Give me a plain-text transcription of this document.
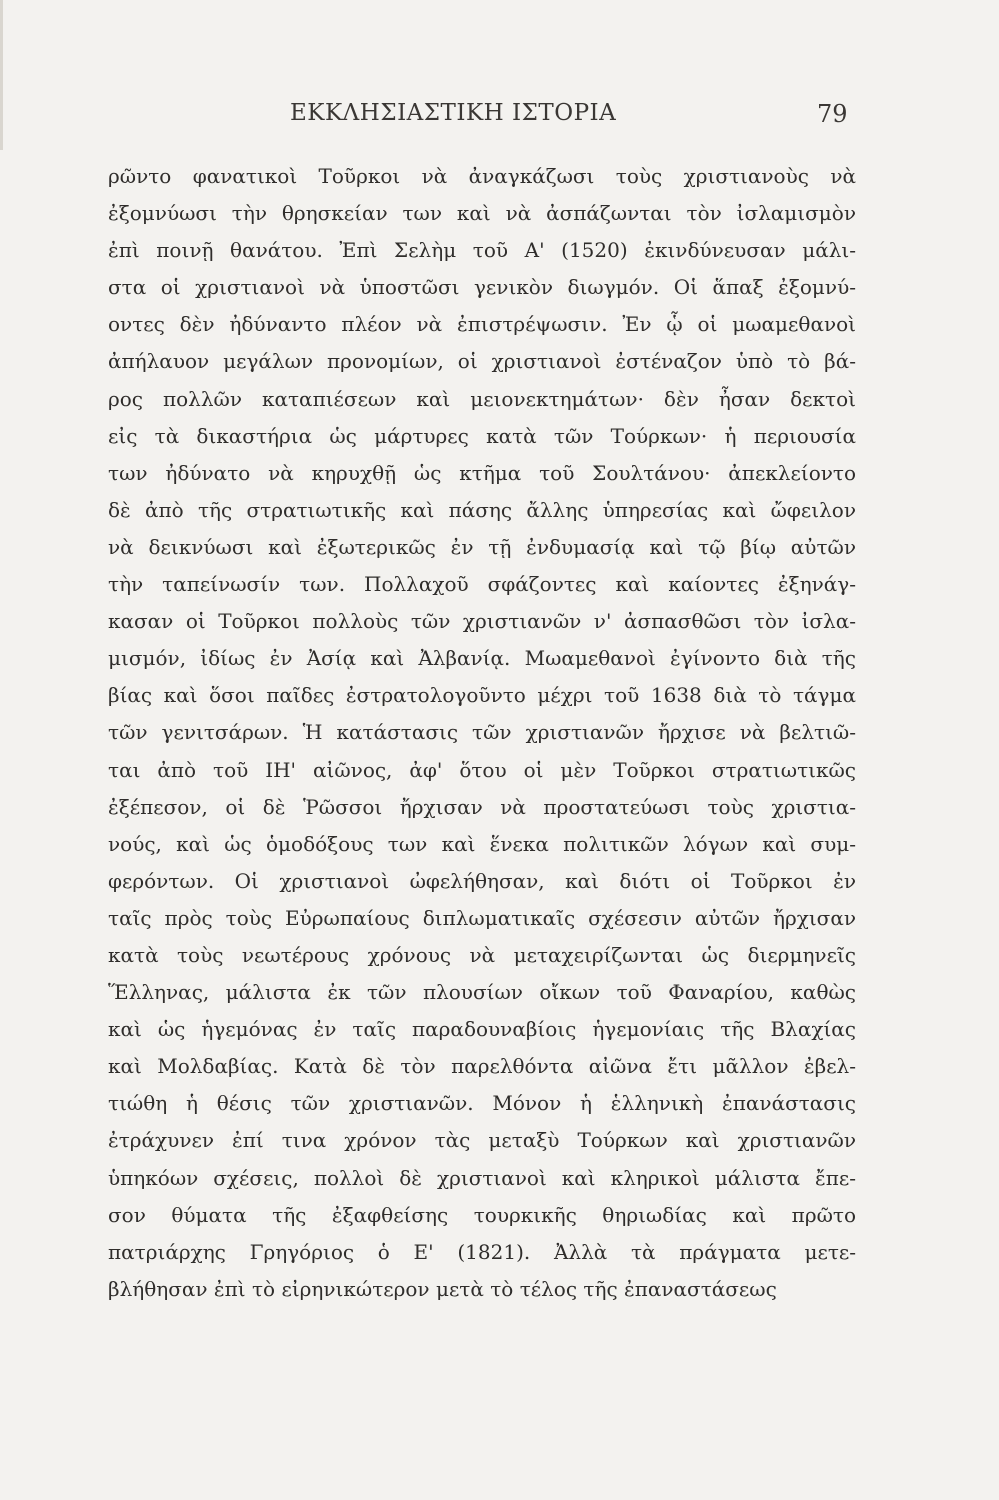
ΕΚΚΛΗΣΙΑΣΤΙΚΗ ΙΣΤΟΡΙΑ	79
ρῶντο φανατικοὶ Τοῦρκοι νὰ ἀναγκάζωσι τοὺς χριστιανοὺς νὰ
ἐξομνύωσι τὴν θρησκείαν των καὶ νὰ ἀσπάζωνται τὸν ἰσλαμισμὸν
ἐπὶ ποινῇ θανάτου. Ἐπὶ Σελὴμ τοῦ Α' (1520) ἐκινδύνευσαν μάλι-
στα οἱ χριστιανοὶ νὰ ὑποστῶσι γενικὸν διωγμόν. Οἱ ἅπαξ ἐξομνύ-
οντες δὲν ἠδύναντο πλέον νὰ ἐπιστρέψωσιν. Ἐν ᾧ οἱ μωαμεθανοὶ
ἀπήλαυον μεγάλων προνομίων, οἱ χριστιανοὶ ἐστέναζον ὑπὸ τὸ βά-
ρος πολλῶν καταπιέσεων καὶ μειονεκτημάτων· δὲν ἦσαν δεκτοὶ
εἰς τὰ δικαστήρια ὡς μάρτυρες κατὰ τῶν Τούρκων· ἡ περιουσία
των ἠδύνατο νὰ κηρυχθῇ ὡς κτῆμα τοῦ Σουλτάνου· ἀπεκλείοντο
δὲ ἀπὸ τῆς στρατιωτικῆς καὶ πάσης ἄλλης ὑπηρεσίας καὶ ὤφειλον
νὰ δεικνύωσι καὶ ἐξωτερικῶς ἐν τῇ ἐνδυμασίᾳ καὶ τῷ βίῳ αὐτῶν
τὴν ταπείνωσίν των. Πολλαχοῦ σφάζοντες καὶ καίοντες ἐξηνάγ-
κασαν οἱ Τοῦρκοι πολλοὺς τῶν χριστιανῶν ν' ἀσπασθῶσι τὸν ἰσλα-
μισμόν, ἰδίως ἐν Ἀσίᾳ καὶ Ἀλβανίᾳ. Μωαμεθανοὶ ἐγίνοντο διὰ τῆς
βίας καὶ ὅσοι παῖδες ἐστρατολογοῦντο μέχρι τοῦ 1638 διὰ τὸ τάγμα
τῶν γενιτσάρων. Ἡ κατάστασις τῶν χριστιανῶν ἤρχισε νὰ βελτιῶ-
ται ἀπὸ τοῦ ΙΗ' αἰῶνος, ἀφ' ὅτου οἱ μὲν Τοῦρκοι στρατιωτικῶς
ἐξέπεσον, οἱ δὲ Ῥῶσσοι ἤρχισαν νὰ προστατεύωσι τοὺς χριστια-
νούς, καὶ ὡς ὁμοδόξους των καὶ ἕνεκα πολιτικῶν λόγων καὶ συμ-
φερόντων. Οἱ χριστιανοὶ ὠφελήθησαν, καὶ διότι οἱ Τοῦρκοι ἐν
ταῖς πρὸς τοὺς Εὐρωπαίους διπλωματικαῖς σχέσεσιν αὐτῶν ἤρχισαν
κατὰ τοὺς νεωτέρους χρόνους νὰ μεταχειρίζωνται ὡς διερμηνεῖς
Ἕλληνας, μάλιστα ἐκ τῶν πλουσίων οἴκων τοῦ Φαναρίου, καθὼς
καὶ ὡς ἡγεμόνας ἐν ταῖς παραδουναβίοις ἡγεμονίαις τῆς Βλαχίας
καὶ Μολδαβίας. Κατὰ δὲ τὸν παρελθόντα αἰῶνα ἔτι μᾶλλον ἐβελ-
τιώθη ἡ θέσις τῶν χριστιανῶν. Μόνον ἡ ἑλληνικὴ ἐπανάστασις
ἐτράχυνεν ἐπί τινα χρόνον τὰς μεταξὺ Τούρκων καὶ χριστιανῶν
ὑπηκόων σχέσεις, πολλοὶ δὲ χριστιανοὶ καὶ κληρικοὶ μάλιστα ἔπε-
σον θύματα τῆς ἐξαφθείσης τουρκικῆς θηριωδίας καὶ πρῶτο
πατριάρχης Γρηγόριος ὁ Ε' (1821). Ἀλλὰ τὰ πράγματα μετε-
βλήθησαν ἐπὶ τὸ εἰρηνικώτερον μετὰ τὸ τέλος τῆς ἐπαναστάσεως
